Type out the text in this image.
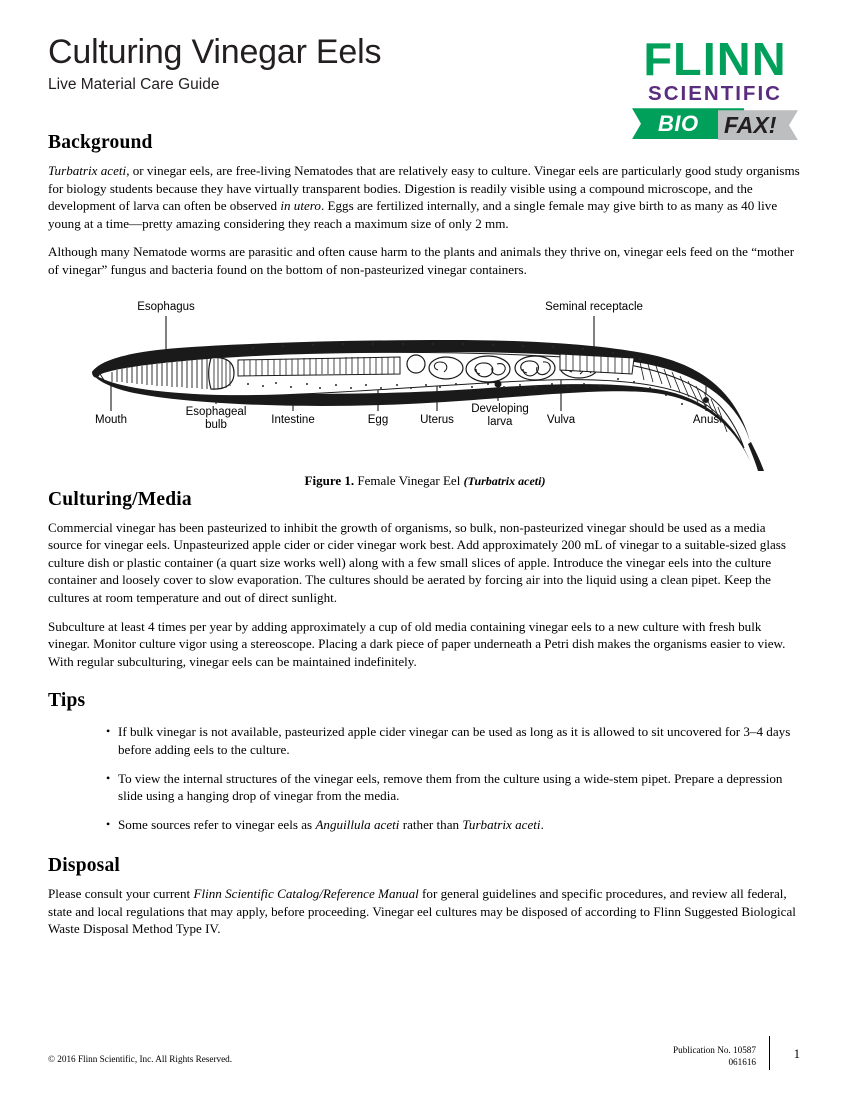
Culturing Vinegar Eels
Live Material Care Guide	FLINN
SCIENTIFIC
BIO FAX!
Background

Turbatrix aceti, or vinegar eels, are free-living Nematodes that are relatively easy to culture. Vinegar eels are particularly good study organisms for biology students because they have virtually transparent bodies. Digestion is readily visible using a compound microscope, and the development of larva can often be observed in utero. Eggs are fertilized internally, and a single female may give birth to as many as 40 live young at a time—pretty amazing considering they reach a maximum size of only 2 mm.

Although many Nematode worms are parasitic and often cause harm to the plants and animals they thrive on, vinegar eels feed on the “mother of vinegar” fungus and bacteria found on the bottom of non-pasteurized vinegar containers.

Esophagus	Seminal receptacle
Mouth
Esophageal
bulb	Intestine	Egg	Uterus
Developing
larva	Vulva	Anus
Figure 1. Female Vinegar Eel (Turbatrix aceti)
Culturing/Media

Commercial vinegar has been pasteurized to inhibit the growth of organisms, so bulk, non-pasteurized vinegar should be used as a media source for vinegar eels. Unpasteurized apple cider or cider vinegar work best. Add approximately 200 mL of vinegar to a suitable-sized glass culture dish or plastic container (a quart size works well) along with a few small slices of apple. Introduce the vinegar eels into the culture container and loosely cover to slow evaporation. The cultures should be aerated by forcing air into the liquid using a clean pipet. Keep the cultures at room temperature and out of direct sunlight.

Subculture at least 4 times per year by adding approximately a cup of old media containing vinegar eels to a new culture with fresh bulk vinegar. Monitor culture vigor using a stereoscope. Placing a dark piece of paper underneath a Petri dish makes the organisms easier to view. With regular subculturing, vinegar eels can be maintained indefinitely.

Tips
• If bulk vinegar is not available, pasteurized apple cider vinegar can be used as long as it is allowed to sit uncovered for 3–4 days before adding eels to the culture.
• To view the internal structures of the vinegar eels, remove them from the culture using a wide-stem pipet. Prepare a depression slide using a hanging drop of vinegar from the media.
• Some sources refer to vinegar eels as Anguillula aceti rather than Turbatrix aceti.
Disposal

Please consult your current Flinn Scientific Catalog/Reference Manual for general guidelines and specific procedures, and review all federal, state and local regulations that may apply, before proceeding. Vinegar eel cultures may be disposed of according to Flinn Suggested Biological Waste Disposal Method Type IV.

© 2016 Flinn Scientific, Inc. All Rights Reserved.
Publication No. 10587
061616
1
